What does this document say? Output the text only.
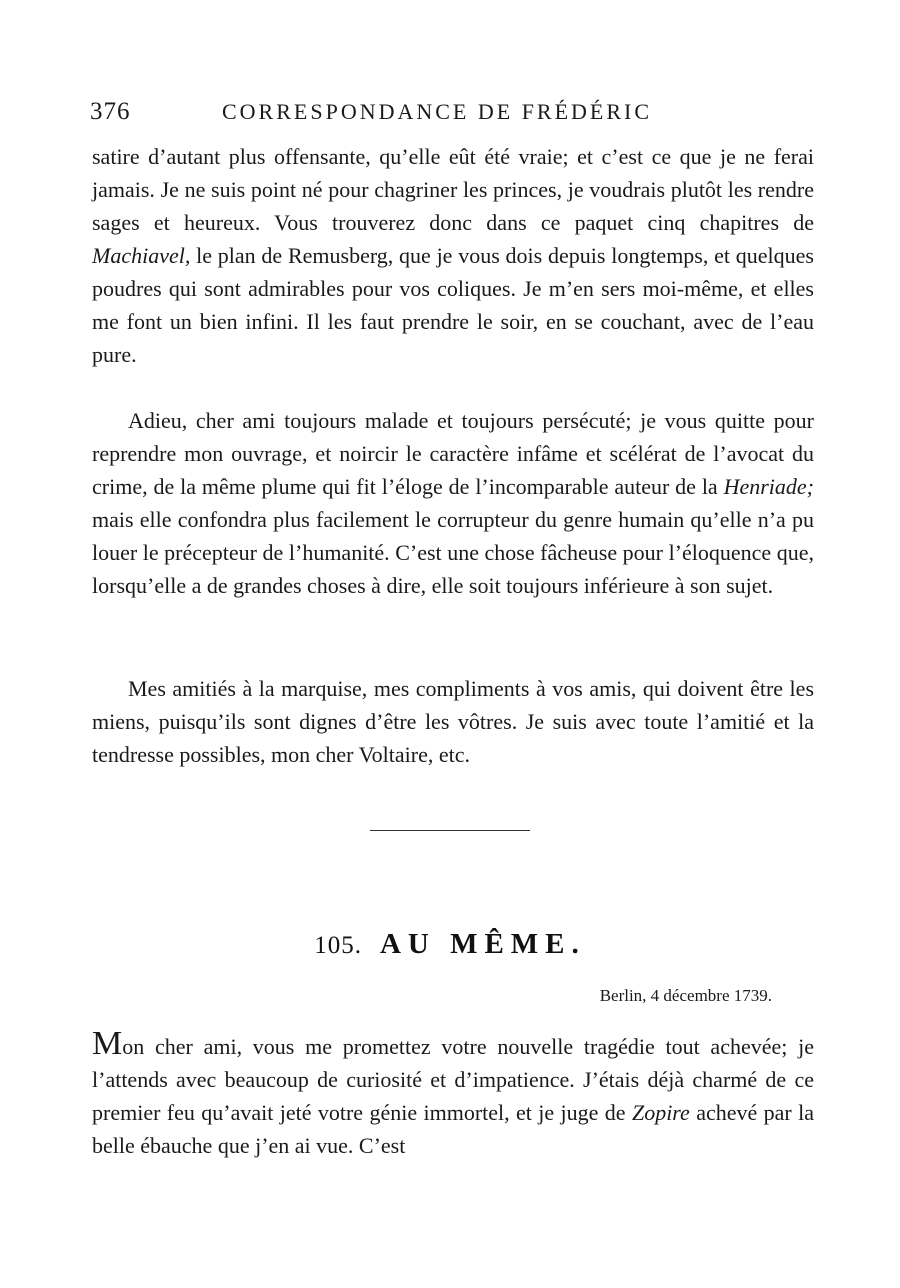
376	CORRESPONDANCE DE FRÉDÉRIC

satire d’autant plus offensante, qu’elle eût été vraie; et c’est ce que je ne ferai jamais. Je ne suis point né pour chagriner les princes, je voudrais plutôt les rendre sages et heureux. Vous trouverez donc dans ce paquet cinq chapitres de Machiavel, le plan de Remusberg, que je vous dois depuis longtemps, et quelques poudres qui sont admirables pour vos coliques. Je m’en sers moi-même, et elles me font un bien infini. Il les faut prendre le soir, en se couchant, avec de l’eau pure.

Adieu, cher ami toujours malade et toujours persécuté; je vous quitte pour reprendre mon ouvrage, et noircir le caractère infâme et scélérat de l’avocat du crime, de la même plume qui fit l’éloge de l’incomparable auteur de la Henriade; mais elle confondra plus facilement le corrupteur du genre humain qu’elle n’a pu louer le précepteur de l’humanité. C’est une chose fâcheuse pour l’éloquence que, lorsqu’elle a de grandes choses à dire, elle soit toujours inférieure à son sujet.

Mes amitiés à la marquise, mes compliments à vos amis, qui doivent être les miens, puisqu’ils sont dignes d’être les vôtres. Je suis avec toute l’amitié et la tendresse possibles, mon cher Voltaire, etc.

105. AU MÊME.
Berlin, 4 décembre 1739.

Mon cher ami, vous me promettez votre nouvelle tragédie tout achevée; je l’attends avec beaucoup de curiosité et d’impatience. J’étais déjà charmé de ce premier feu qu’avait jeté votre génie immortel, et je juge de Zopire achevé par la belle ébauche que j’en ai vue. C’est
